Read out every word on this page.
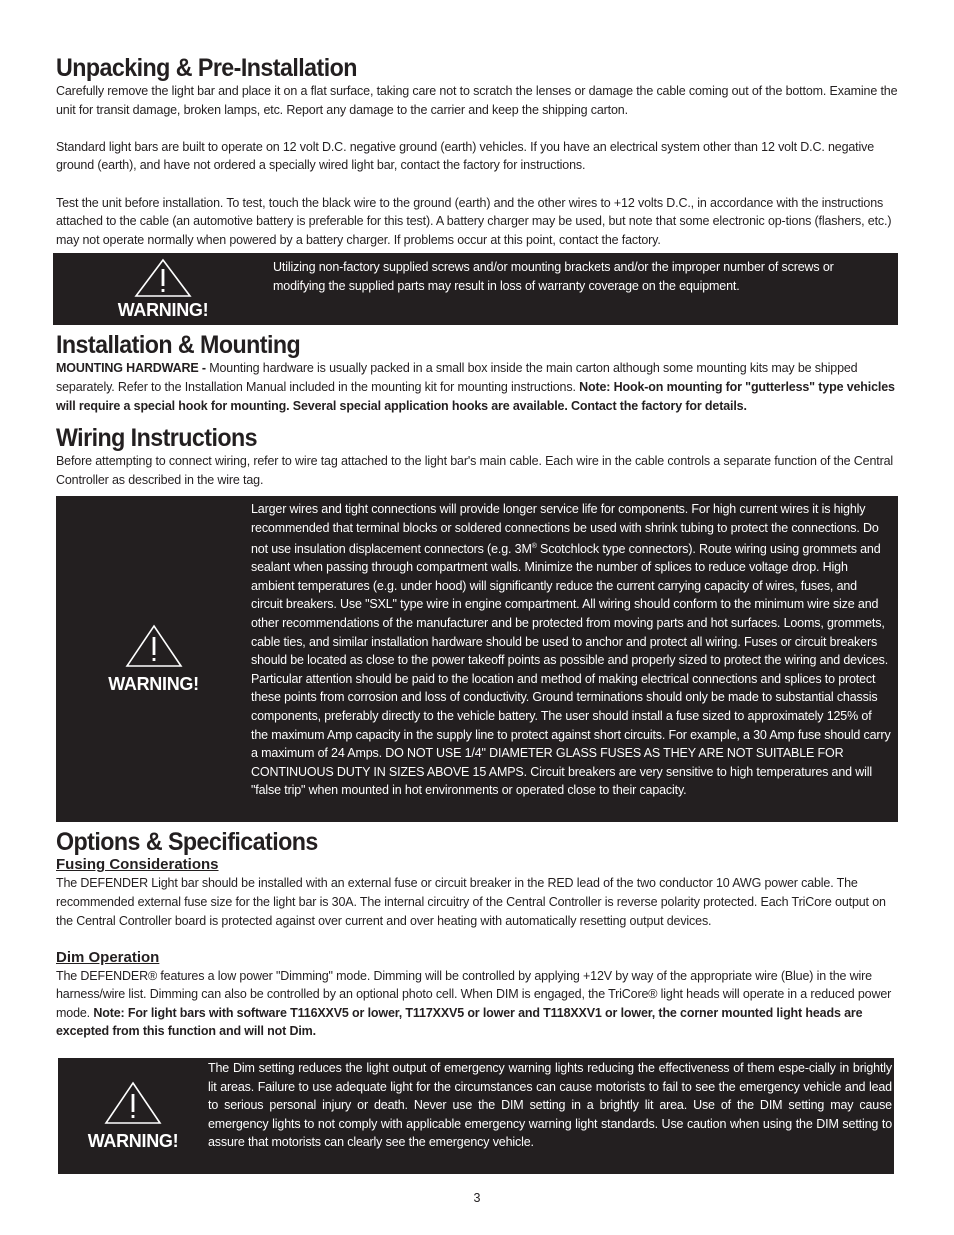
Unpacking & Pre-Installation

Carefully remove the light bar and place it on a flat surface, taking care not to scratch the lenses or damage the cable coming out of the bottom. Examine the unit for transit damage, broken lamps, etc. Report any damage to the carrier and keep the shipping carton.

Standard light bars are built to operate on 12 volt D.C. negative ground (earth) vehicles. If you have an electrical system other than 12 volt D.C. negative ground (earth), and have not ordered a specially wired light bar, contact the factory for instructions.

Test the unit before installation. To test, touch the black wire to the ground (earth) and the other wires to +12 volts D.C., in accordance with the instructions attached to the cable (an automotive battery is preferable for this test). A battery charger may be used, but note that some electronic op-tions (flashers, etc.) may not operate normally when powered by a battery charger. If problems occur at this point, contact the factory.

WARNING!
Utilizing non-factory supplied screws and/or mounting brackets and/or the improper number of screws or modifying the supplied parts may result in loss of warranty coverage on the equipment.
Installation & Mounting

MOUNTING HARDWARE - Mounting hardware is usually packed in a small box inside the main carton although some mounting kits may be shipped separately. Refer to the Installation Manual included in the mounting kit for mounting instructions. Note: Hook-on mounting for "gutterless" type vehicles will require a special hook for mounting. Several special application hooks are available. Contact the factory for details.

Wiring Instructions

Before attempting to connect wiring, refer to wire tag attached to the light bar's main cable. Each wire in the cable controls a separate function of the Central Controller as described in the wire tag.

WARNING!
Larger wires and tight connections will provide longer service life for components. For high current wires it is highly recommended that terminal blocks or soldered connections be used with shrink tubing to protect the connections. Do not use insulation displacement connectors (e.g. 3M® Scotchlock type connectors). Route wiring using grommets and sealant when passing through compartment walls. Minimize the number of splices to reduce voltage drop. High ambient temperatures (e.g. under hood) will significantly reduce the current carrying capacity of wires, fuses, and circuit breakers. Use "SXL" type wire in engine compartment. All wiring should conform to the minimum wire size and other recommendations of the manufacturer and be protected from moving parts and hot surfaces. Looms, grommets, cable ties, and similar installation hardware should be used to anchor and protect all wiring. Fuses or circuit breakers should be located as close to the power takeoff points as possible and properly sized to protect the wiring and devices. Particular attention should be paid to the location and method of making electrical connections and splices to protect these points from corrosion and loss of conductivity. Ground terminations should only be made to substantial chassis components, preferably directly to the vehicle battery. The user should install a fuse sized to approximately 125% of the maximum Amp capacity in the supply line to protect against short circuits. For example, a 30 Amp fuse should carry a maximum of 24 Amps. DO NOT USE 1/4" DIAMETER GLASS FUSES AS THEY ARE NOT SUITABLE FOR CONTINUOUS DUTY IN SIZES ABOVE 15 AMPS. Circuit breakers are very sensitive to high temperatures and will "false trip" when mounted in hot environments or operated close to their capacity.
Options & Specifications
Fusing Considerations

The DEFENDER Light bar should be installed with an external fuse or circuit breaker in the RED lead of the two conductor 10 AWG power cable. The recommended external fuse size for the light bar is 30A. The internal circuitry of the Central Controller is reverse polarity protected. Each TriCore output on the Central Controller board is protected against over current and over heating with automatically resetting output devices.

Dim Operation

The DEFENDER® features a low power "Dimming" mode. Dimming will be controlled by applying +12V by way of the appropriate wire (Blue) in the wire harness/wire list. Dimming can also be controlled by an optional photo cell. When DIM is engaged, the TriCore® light heads will operate in a reduced power mode. Note: For light bars with software T116XXV5 or lower, T117XXV5 or lower and T118XXV1 or lower, the corner mounted light heads are excepted from this function and will not Dim.

WARNING!
The Dim setting reduces the light output of emergency warning lights reducing the effectiveness of them espe-cially in brightly lit areas. Failure to use adequate light for the circumstances can cause motorists to fail to see the emergency vehicle and lead to serious personal injury or death. Never use the DIM setting in a brightly lit area. Use of the DIM setting may cause emergency lights to not comply with applicable emergency warning light standards. Use caution when using the DIM setting to assure that motorists can clearly see the emergency vehicle.
3
